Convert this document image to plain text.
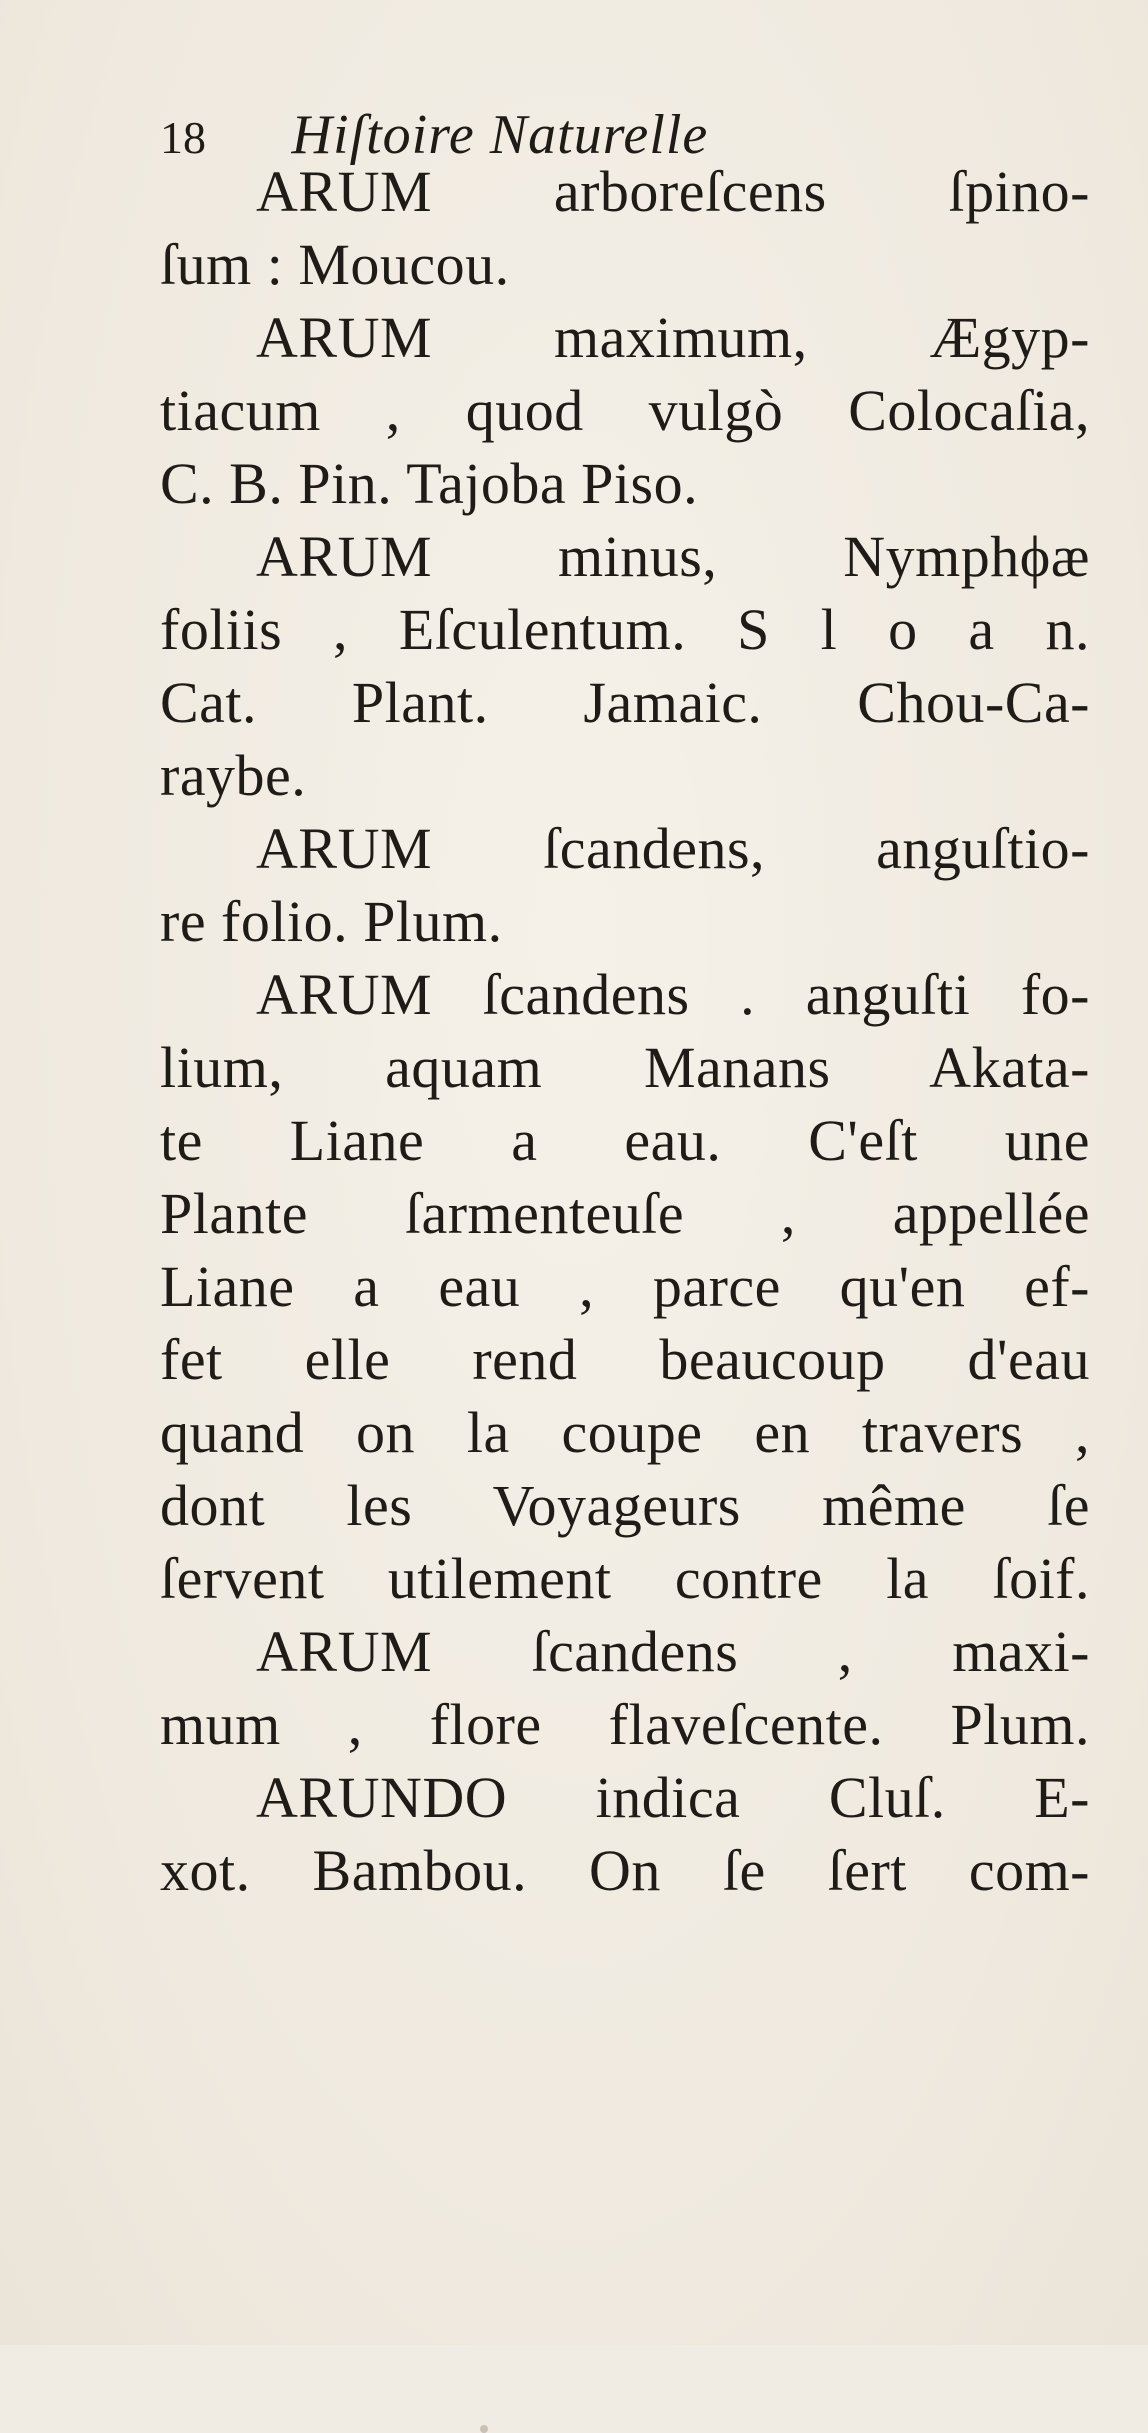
18 Hiſtoire Naturelle
ARUM arboreſcens ſpino-
ſum : Moucou.
ARUM maximum, Ægyp-
tiacum , quod vulgò Colocaſia,
C. B. Pin. Tajoba Piso.
ARUM minus, Nymphϕæ
foliis , Eſculentum. S l o a n.
Cat. Plant. Jamaic. Chou-Ca-
raybe.
ARUM ſcandens, anguſtio-
re folio. Plum.
ARUM ſcandens . anguſti fo-
lium, aquam Manans Akata-
te Liane a eau. C'eſt une
Plante ſarmenteuſe , appellée
Liane a eau , parce qu'en ef-
fet elle rend beaucoup d'eau
quand on la coupe en travers ,
dont les Voyageurs même ſe
ſervent utilement contre la ſoif.
ARUM ſcandens , maxi-
mum , flore flaveſcente. Plum.
ARUNDO indica Cluſ. E-
xot. Bambou. On ſe ſert com-
